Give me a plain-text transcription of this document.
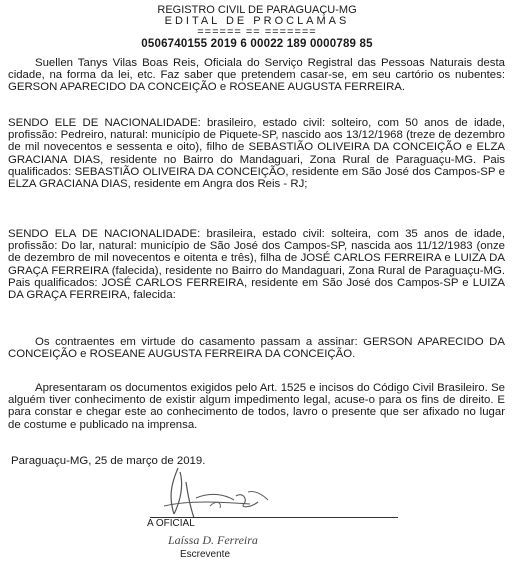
REGISTRO CIVIL DE PARAGUAÇU-MG
EDITAL DE PROCLAMAS
====== == =======
0506740155 2019 6 00022 189 0000789 85

Suellen Tanys Vilas Boas Reis, Oficiala do Serviço Registral das Pessoas Naturais desta cidade, na forma da lei, etc. Faz saber que pretendem casar-se, em seu cartório os nubentes: GERSON APARECIDO DA CONCEIÇÃO e ROSEANE AUGUSTA FERREIRA.

SENDO ELE DE NACIONALIDADE: brasileiro, estado civil: solteiro, com 50 anos de idade, profissão: Pedreiro, natural: município de Piquete-SP, nascido aos 13/12/1968 (treze de dezembro de mil novecentos e sessenta e oito), filho de SEBASTIÃO OLIVEIRA DA CONCEIÇÃO e ELZA GRACIANA DIAS, residente no Bairro do Mandaguari, Zona Rural de Paraguaçu-MG. Pais qualificados: SEBASTIÃO OLIVEIRA DA CONCEIÇÃO, residente em São José dos Campos-SP e ELZA GRACIANA DIAS, residente em Angra dos Reis - RJ;

SENDO ELA DE NACIONALIDADE: brasileira, estado civil: solteira, com 35 anos de idade, profissão: Do lar, natural: município de São José dos Campos-SP, nascida aos 11/12/1983 (onze de dezembro de mil novecentos e oitenta e três), filha de JOSÉ CARLOS FERREIRA e LUIZA DA GRAÇA FERREIRA (falecida), residente no Bairro do Mandaguari, Zona Rural de Paraguaçu-MG. Pais qualificados: JOSÉ CARLOS FERREIRA, residente em São José dos Campos-SP e LUIZA DA GRAÇA FERREIRA, falecida:

Os contraentes em virtude do casamento passam a assinar: GERSON APARECIDO DA CONCEIÇÃO e ROSEANE AUGUSTA FERREIRA DA CONCEIÇÃO.

Apresentaram os documentos exigidos pelo Art. 1525 e incisos do Código Civil Brasileiro. Se alguém tiver conhecimento de existir algum impedimento legal, acuse-o para os fins de direito. E para constar e chegar este ao conhecimento de todos, lavro o presente que ser afixado no lugar de costume e publicado na imprensa.

Paraguaçu-MG, 25 de março de 2019.
A OFICIAL
Laíssa D. Ferreira
Escrevente
